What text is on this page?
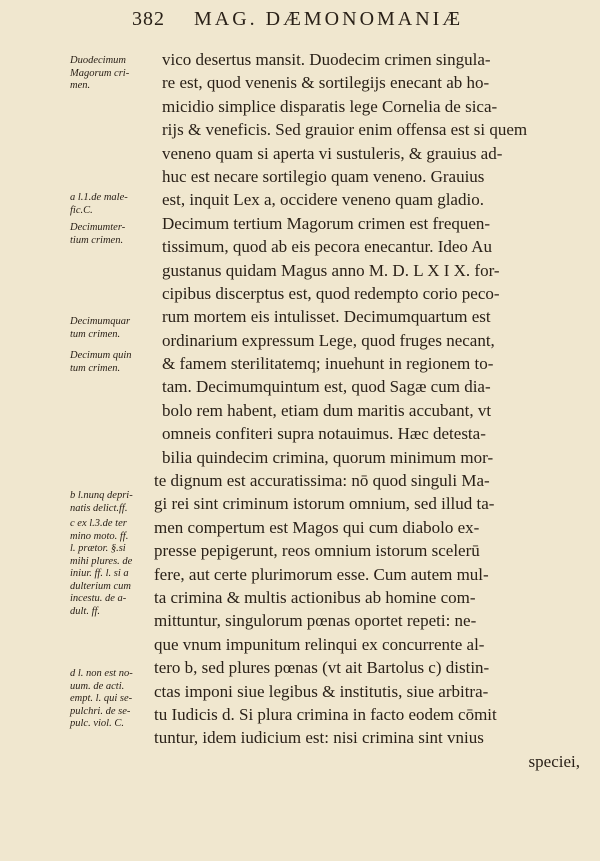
382 MAG. DÆMONOMANIÆ
Duodecimum
Magorum cri-
men.
a l.1.de male-
fic.C.
Decimumter-
tium crimen.
Decimumquar
tum crimen.
Decimum quin
tum crimen.
b l.nunq depri-
natis delict.ff.
c ex l.3.de ter
mino moto. ff.
l. prætor. §.si
mihi plures. de
iniur. ff. l. si a
dulterium cum
incestu. de a-
dult. ff.
d l. non est no-
uum. de acti.
empt. l. qui se-
pulchri. de se-
pulc. viol. C.
vico desertus mansit. Duodecim crimen singula-
re est, quod venenis & sortilegijs enecant ab ho-
micidio simplice disparatis lege Cornelia de sica-
rijs & veneficis. Sed grauior enim offensa est si quem
veneno quam si aperta vi sustuleris, & grauius ad-
huc est necare sortilegio quam veneno. Grauius
est, inquit Lex a, occidere veneno quam gladio.
Decimum tertium Magorum crimen est frequen-
tissimum, quod ab eis pecora enecantur. Ideo Au
gustanus quidam Magus anno M. D. L X I X. for-
cipibus discerptus est, quod redempto corio peco-
rum mortem eis intulisset. Decimumquartum est
ordinarium expressum Lege, quod fruges necant,
& famem sterilitatemq; inuehunt in regionem to-
tam. Decimumquintum est, quod Sagæ cum dia-
bolo rem habent, etiam dum maritis accubant, vt
omneis confiteri supra notauimus. Hæc detesta-
bilia quindecim crimina, quorum minimum mor-
te dignum est accuratissima: nō quod singuli Ma-
gi rei sint criminum istorum omnium, sed illud ta-
men compertum est Magos qui cum diabolo ex-
presse pepigerunt, reos omnium istorum scelerū
fere, aut certe plurimorum esse. Cum autem mul-
ta crimina & multis actionibus ab homine com-
mittuntur, singulorum pœnas oportet repeti: ne-
que vnum impunitum relinqui ex concurrente al-
tero b, sed plures pœnas (vt ait Bartolus c) distin-
ctas imponi siue legibus & institutis, siue arbitra-
tu Iudicis d. Si plura crimina in facto eodem cōmit
tuntur, idem iudicium est: nisi crimina sint vnius
speciei,
